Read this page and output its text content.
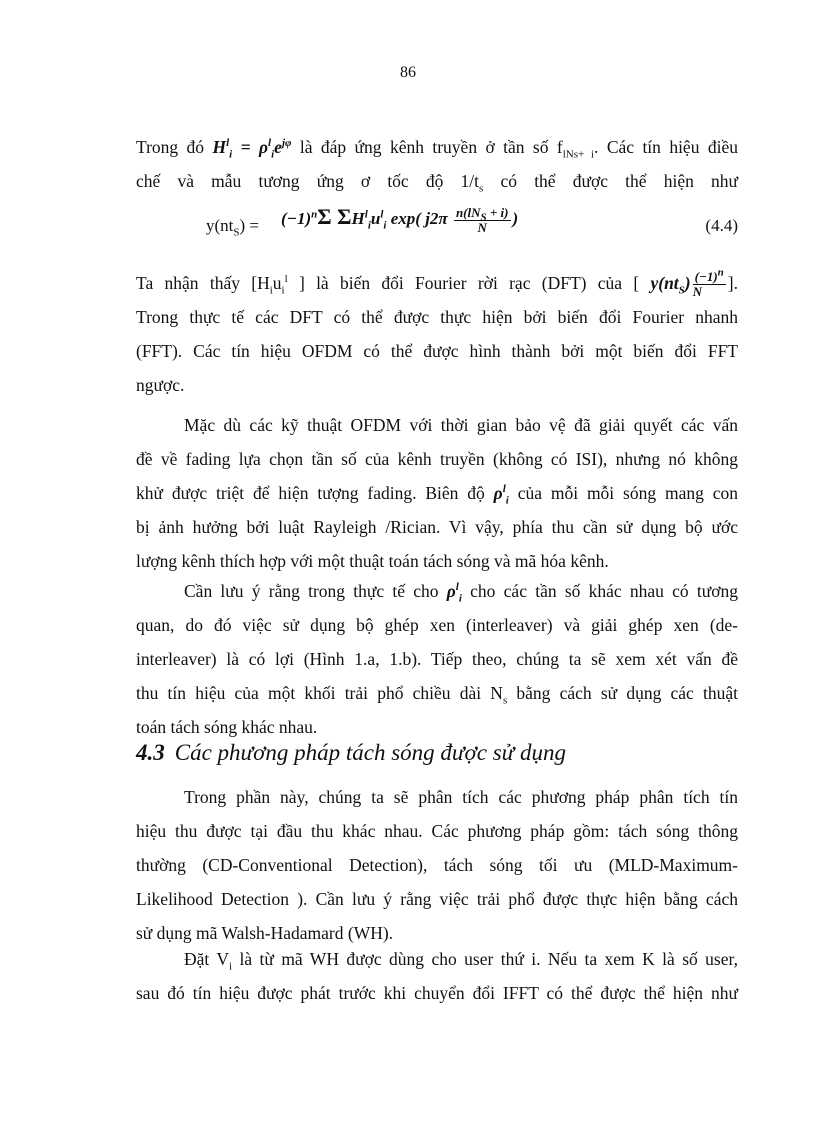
86
Trong đó $H^l_i = \rho^l_ie^{j\varphi}$ là đáp ứng kênh truyền ở tần số $f_{lNs+ i}$. Các tín hiệu điều
chế và mẫu tương ứng ơ tốc độ $1/t_s$ có thể được thể hiện như
$y(nt_S) = (-1)^n\Sigma$ $\Sigma H^l_iu^l_i$ exp( $j2\pi \frac{n(lN_S + i)}{N}$ )	(4.4)
Ta nhận thấy [$H_iu_i^l$ ] là biến đổi Fourier rời rạc (DFT) của [ $y(nt_S) \frac{(-1)^n}{N}$ ].
Trong thực tế các DFT có thể được thực hiện bởi biến đổi Fourier nhanh
(FFT). Các tín hiệu OFDM có thể được hình thành bởi một biến đổi FFT
ngược.
Mặc dù các kỹ thuật OFDM với thời gian bảo vệ đã giải quyết các vấn
đề về fading lựa chọn tần số của kênh truyền (không có ISI), nhưng nó không
khử được triệt để hiện tượng fading. Biên độ $\rho^l_i$ của mỗi mỗi sóng mang con
bị ảnh hưởng bởi luật Rayleigh /Rician. Vì vậy, phía thu cần sử dụng bộ ước
lượng kênh thích hợp với một thuật toán tách sóng và mã hóa kênh.
Cần lưu ý rằng trong thực tế cho $\rho^l_i$ cho các tần số khác nhau có tương
quan, do đó việc sử dụng bộ ghép xen (interleaver) và giải ghép xen (de-
interleaver) là có lợi (Hình 1.a, 1.b). Tiếp theo, chúng ta sẽ xem xét vấn đề
thu tín hiệu của một khối trải phổ chiều dài $N_s$ bằng cách sử dụng các thuật
toán tách sóng khác nhau.
4.3 Các phương pháp tách sóng được sử dụng
Trong phần này, chúng ta sẽ phân tích các phương pháp phân tích tín
hiệu thu được tại đầu thu khác nhau. Các phương pháp gồm: tách sóng thông
thường (CD-Conventional Detection), tách sóng tối ưu (MLD-Maximum-
Likelihood Detection ). Cần lưu ý rằng việc trải phổ được thực hiện bằng cách
sử dụng mã Walsh-Hadamard (WH).
Đặt $V_i$ là từ mã WH được dùng cho user thứ i. Nếu ta xem K là số user,
sau đó tín hiệu được phát trước khi chuyển đổi IFFT có thể được thể hiện như
